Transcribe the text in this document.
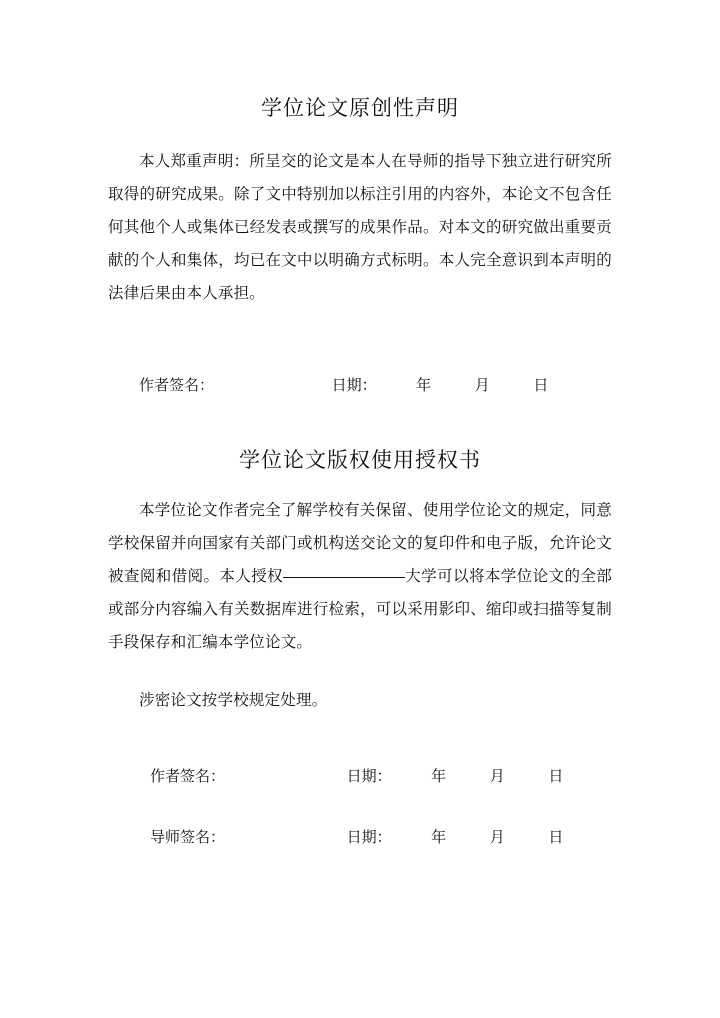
学位论文原创性声明

本人郑重声明：所呈交的论文是本人在导师的指导下独立进行研究所取得的研究成果。除了文中特别加以标注引用的内容外，本论文不包含任何其他个人或集体已经发表或撰写的成果作品。对本文的研究做出重要贡献的个人和集体，均已在文中以明确方式标明。本人完全意识到本声明的法律后果由本人承担。

作者签名：	日期：	年	月	日
学位论文版权使用授权书

本学位论文作者完全了解学校有关保留、使用学位论文的规定，同意学校保留并向国家有关部门或机构送交论文的复印件和电子版，允许论文被查阅和借阅。本人授权	大学可以将本学位论文的全部或部分内容编入有关数据库进行检索，可以采用影印、缩印或扫描等复制手段保存和汇编本学位论文。

涉密论文按学校规定处理。

作者签名：	日期：	年	月	日
导师签名：	日期：	年	月	日
